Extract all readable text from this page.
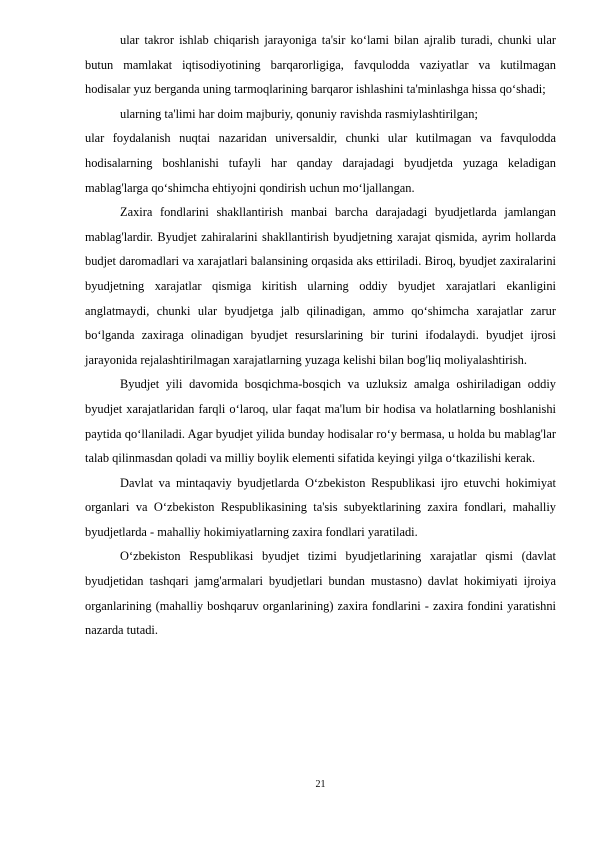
ular takror ishlab chiqarish jarayoniga ta'sir ko‘lami bilan ajralib turadi, chunki ular butun mamlakat iqtisodiyotining barqarorligiga, favqulodda vaziyatlar va kutilmagan hodisalar yuz berganda uning tarmoqlarining barqaror ishlashini ta'minlashga hissa qo‘shadi;

ularning ta'limi har doim majburiy, qonuniy ravishda rasmiylashtirilgan;

ular foydalanish nuqtai nazaridan universaldir, chunki ular kutilmagan va favqulodda hodisalarning boshlanishi tufayli har qanday darajadagi byudjetda yuzaga keladigan mablag'larga qo‘shimcha ehtiyojni qondirish uchun mo‘ljallangan.

Zaxira fondlarini shakllantirish manbai barcha darajadagi byudjetlarda jamlangan mablag'lardir. Byudjet zahiralarini shakllantirish byudjetning xarajat qismida, ayrim hollarda budjet daromadlari va xarajatlari balansining orqasida aks ettiriladi. Biroq, byudjet zaxiralarini byudjetning xarajatlar qismiga kiritish ularning oddiy byudjet xarajatlari ekanligini anglatmaydi, chunki ular byudjetga jalb qilinadigan, ammo qo‘shimcha xarajatlar zarur bo‘lganda zaxiraga olinadigan byudjet resurslarining bir turini ifodalaydi. byudjet ijrosi jarayonida rejalashtirilmagan xarajatlarning yuzaga kelishi bilan bog'liq moliyalashtirish.

Byudjet yili davomida bosqichma-bosqich va uzluksiz amalga oshiriladigan oddiy byudjet xarajatlaridan farqli o‘laroq, ular faqat ma'lum bir hodisa va holatlarning boshlanishi paytida qo‘llaniladi. Agar byudjet yilida bunday hodisalar ro‘y bermasa, u holda bu mablag'lar talab qilinmasdan qoladi va milliy boylik elementi sifatida keyingi yilga o‘tkazilishi kerak.

Davlat va mintaqaviy byudjetlarda O‘zbekiston Respublikasi ijro etuvchi hokimiyat organlari va O‘zbekiston Respublikasining ta'sis subyektlarining zaxira fondlari, mahalliy byudjetlarda - mahalliy hokimiyatlarning zaxira fondlari yaratiladi.

O‘zbekiston Respublikasi byudjet tizimi byudjetlarining xarajatlar qismi (davlat byudjetidan tashqari jamg'armalari byudjetlari bundan mustasno) davlat hokimiyati ijroiya organlarining (mahalliy boshqaruv organlarining) zaxira fondlarini - zaxira fondini yaratishni nazarda tutadi.

21
